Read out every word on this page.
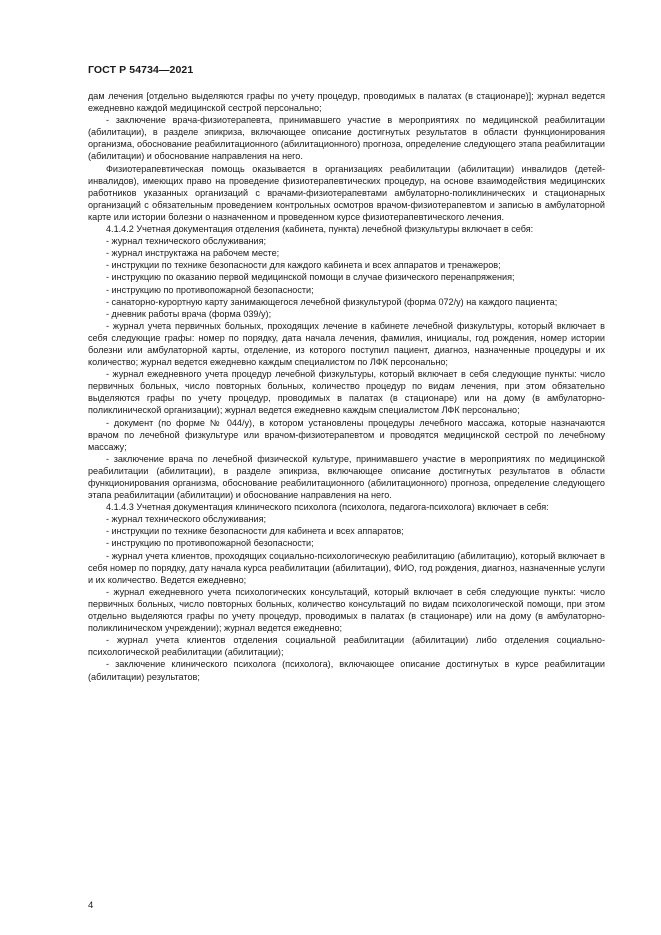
ГОСТ Р 54734—2021

дам лечения [отдельно выделяются графы по учету процедур, проводимых в палатах (в стационаре)]; журнал ведется ежедневно каждой медицинской сестрой персонально;

- заключение врача-физиотерапевта, принимавшего участие в мероприятиях по медицинской реабилитации (абилитации), в разделе эпикриза, включающее описание достигнутых результатов в области функционирования организма, обоснование реабилитационного (абилитационного) прогноза, определение следующего этапа реабилитации (абилитации) и обоснование направления на него.

Физиотерапевтическая помощь оказывается в организациях реабилитации (абилитации) инвалидов (детей-инвалидов), имеющих право на проведение физиотерапевтических процедур, на основе взаимодействия медицинских работников указанных организаций с врачами-физиотерапевтами амбулаторно-поликлинических и стационарных организаций с обязательным проведением контрольных осмотров врачом-физиотерапевтом и записью в амбулаторной карте или истории болезни о назначенном и проведенном курсе физиотерапевтического лечения.

4.1.4.2 Учетная документация отделения (кабинета, пункта) лечебной физкультуры включает в себя:

- журнал технического обслуживания;

- журнал инструктажа на рабочем месте;

- инструкции по технике безопасности для каждого кабинета и всех аппаратов и тренажеров;

- инструкцию по оказанию первой медицинской помощи в случае физического перенапряжения;

- инструкцию по противопожарной безопасности;

- санаторно-курортную карту занимающегося лечебной физкультурой (форма 072/у) на каждого пациента;

- дневник работы врача (форма 039/у);

- журнал учета первичных больных, проходящих лечение в кабинете лечебной физкультуры, который включает в себя следующие графы: номер по порядку, дата начала лечения, фамилия, инициалы, год рождения, номер истории болезни или амбулаторной карты, отделение, из которого поступил пациент, диагноз, назначенные процедуры и их количество; журнал ведется ежедневно каждым специалистом по ЛФК персонально;

- журнал ежедневного учета процедур лечебной физкультуры, который включает в себя следующие пункты: число первичных больных, число повторных больных, количество процедур по видам лечения, при этом обязательно выделяются графы по учету процедур, проводимых в палатах (в стационаре) или на дому (в амбулаторно-поликлинической организации); журнал ведется ежедневно каждым специалистом ЛФК персонально;

- документ (по форме № 044/у), в котором установлены процедуры лечебного массажа, которые назначаются врачом по лечебной физкультуре или врачом-физиотерапевтом и проводятся медицинской сестрой по лечебному массажу;

- заключение врача по лечебной физической культуре, принимавшего участие в мероприятиях по медицинской реабилитации (абилитации), в разделе эпикриза, включающее описание достигнутых результатов в области функционирования организма, обоснование реабилитационного (абилитационного) прогноза, определение следующего этапа реабилитации (абилитации) и обоснование направления на него.

4.1.4.3 Учетная документация клинического психолога (психолога, педагога-психолога) включает в себя:

- журнал технического обслуживания;

- инструкции по технике безопасности для кабинета и всех аппаратов;

- инструкцию по противопожарной безопасности;

- журнал учета клиентов, проходящих социально-психологическую реабилитацию (абилитацию), который включает в себя номер по порядку, дату начала курса реабилитации (абилитации), ФИО, год рождения, диагноз, назначенные услуги и их количество. Ведется ежедневно;

- журнал ежедневного учета психологических консультаций, который включает в себя следующие пункты: число первичных больных, число повторных больных, количество консультаций по видам психологической помощи, при этом отдельно выделяются графы по учету процедур, проводимых в палатах (в стационаре) или на дому (в амбулаторно-поликлиническом учреждении); журнал ведется ежедневно;

- журнал учета клиентов отделения социальной реабилитации (абилитации) либо отделения социально-психологической реабилитации (абилитации);

- заключение клинического психолога (психолога), включающее описание достигнутых в курсе реабилитации (абилитации) результатов;

4
